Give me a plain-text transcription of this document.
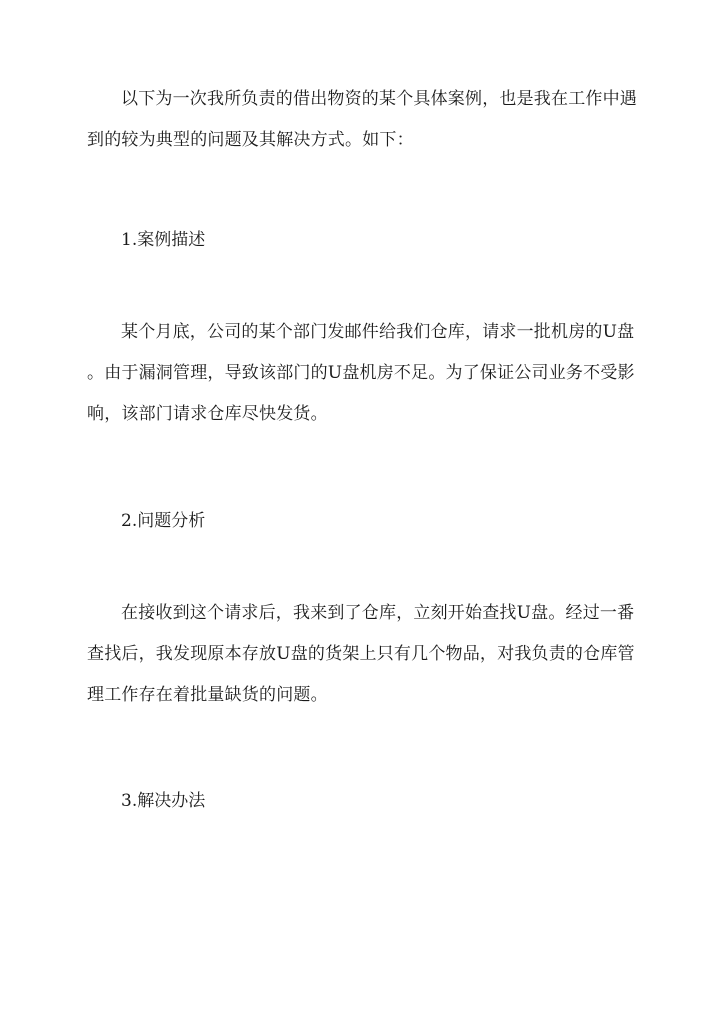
以下为一次我所负责的借出物资的某个具体案例，也是我在工作中遇
到的较为典型的问题及其解决方式。如下：
1.案例描述
某个月底，公司的某个部门发邮件给我们仓库，请求一批机房的U盘
。由于漏洞管理，导致该部门的U盘机房不足。为了保证公司业务不受影
响，该部门请求仓库尽快发货。
2.问题分析
在接收到这个请求后，我来到了仓库，立刻开始查找U盘。经过一番
查找后，我发现原本存放U盘的货架上只有几个物品，对我负责的仓库管
理工作存在着批量缺货的问题。
3.解决办法
